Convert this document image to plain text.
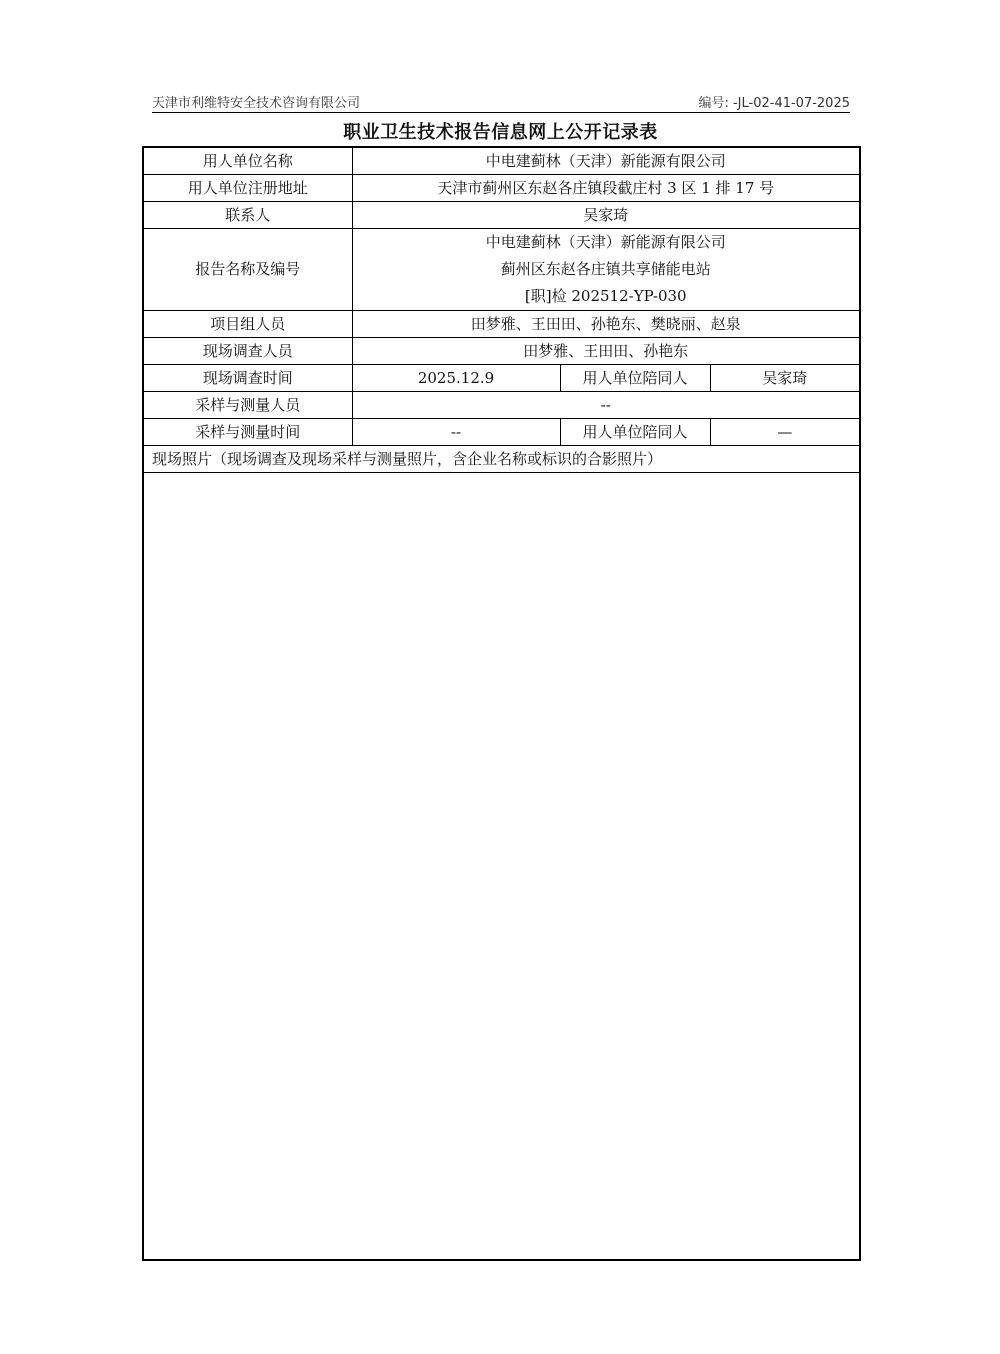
天津市利维特安全技术咨询有限公司	编号: -JL-02-41-07-2025
职业卫生技术报告信息网上公开记录表
用人单位名称	中电建蓟林（天津）新能源有限公司		
用人单位注册地址	天津市蓟州区东赵各庄镇段截庄村 3 区 1 排 17 号		
联系人	吴家琦		
报告名称及编号	中电建蓟林（天津）新能源有限公司
蓟州区东赵各庄镇共享储能电站
[职]检 202512-YP-030		

项目组人员	田梦雅、王田田、孙艳东、樊晓丽、赵泉		
现场调查人员	田梦雅、王田田、孙艳东		
现场调查时间	2025.12.9	用人单位陪同人	吴家琦
采样与测量人员	--		
采样与测量时间	--	用人单位陪同人	—
现场照片（现场调查及现场采样与测量照片，含企业名称或标识的合影照片）			
